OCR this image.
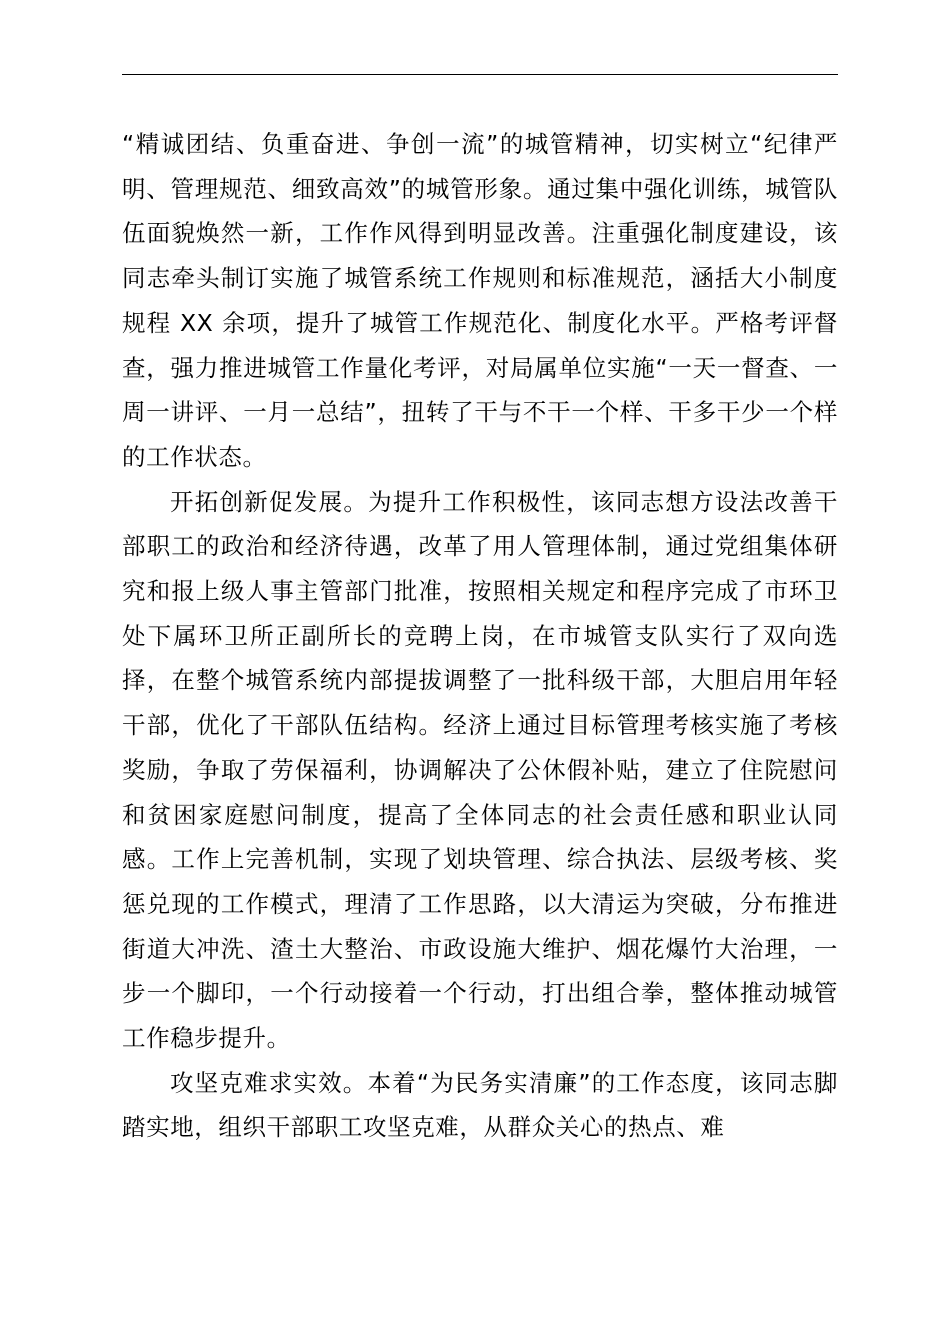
“精诚团结、负重奋进、争创一流”的城管精神，切实树立“纪律严明、管理规范、细致高效”的城管形象。通过集中强化训练，城管队伍面貌焕然一新，工作作风得到明显改善。注重强化制度建设，该同志牵头制订实施了城管系统工作规则和标准规范，涵括大小制度规程 XX 余项，提升了城管工作规范化、制度化水平。严格考评督查，强力推进城管工作量化考评，对局属单位实施“一天一督查、一周一讲评、一月一总结”，扭转了干与不干一个样、干多干少一个样的工作状态。

开拓创新促发展。为提升工作积极性，该同志想方设法改善干部职工的政治和经济待遇，改革了用人管理体制，通过党组集体研究和报上级人事主管部门批准，按照相关规定和程序完成了市环卫处下属环卫所正副所长的竞聘上岗，在市城管支队实行了双向选择，在整个城管系统内部提拔调整了一批科级干部，大胆启用年轻干部，优化了干部队伍结构。经济上通过目标管理考核实施了考核奖励，争取了劳保福利，协调解决了公休假补贴，建立了住院慰问和贫困家庭慰问制度，提高了全体同志的社会责任感和职业认同感。工作上完善机制，实现了划块管理、综合执法、层级考核、奖惩兑现的工作模式，理清了工作思路，以大清运为突破，分布推进街道大冲洗、渣土大整治、市政设施大维护、烟花爆竹大治理，一步一个脚印，一个行动接着一个行动，打出组合拳，整体推动城管工作稳步提升。

攻坚克难求实效。本着“为民务实清廉”的工作态度，该同志脚踏实地，组织干部职工攻坚克难，从群众关心的热点、难
